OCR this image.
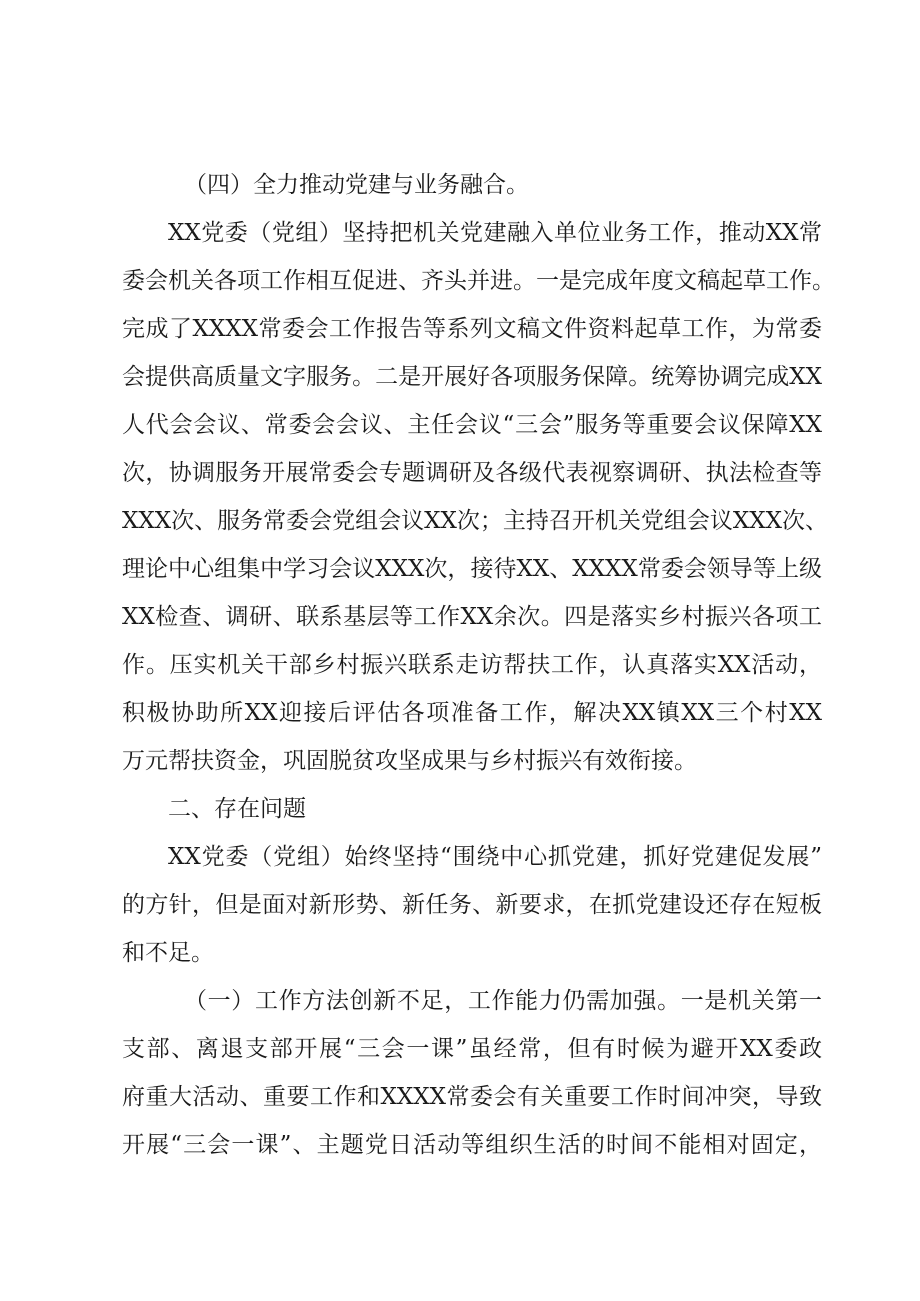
（四）全力推动党建与业务融合。
XX党委（党组）坚持把机关党建融入单位业务工作，推动XX常
委会机关各项工作相互促进、齐头并进。一是完成年度文稿起草工作。
完成了XXXX常委会工作报告等系列文稿文件资料起草工作，为常委
会提供高质量文字服务。二是开展好各项服务保障。统筹协调完成XX
人代会会议、常委会会议、主任会议“三会”服务等重要会议保障XX
次，协调服务开展常委会专题调研及各级代表视察调研、执法检查等
XXX次、服务常委会党组会议XX次；主持召开机关党组会议XXX次、
理论中心组集中学习会议XXX次，接待XX、XXXX常委会领导等上级
XX检查、调研、联系基层等工作XX余次。四是落实乡村振兴各项工
作。压实机关干部乡村振兴联系走访帮扶工作，认真落实XX活动，
积极协助所XX迎接后评估各项准备工作，解决XX镇XX三个村XX
万元帮扶资金，巩固脱贫攻坚成果与乡村振兴有效衔接。
二、存在问题
XX党委（党组）始终坚持“围绕中心抓党建，抓好党建促发展”
的方针，但是面对新形势、新任务、新要求，在抓党建设还存在短板
和不足。
（一）工作方法创新不足，工作能力仍需加强。一是机关第一
支部、离退支部开展“三会一课”虽经常，但有时候为避开XX委政
府重大活动、重要工作和XXXX常委会有关重要工作时间冲突，导致
开展“三会一课”、主题党日活动等组织生活的时间不能相对固定，
